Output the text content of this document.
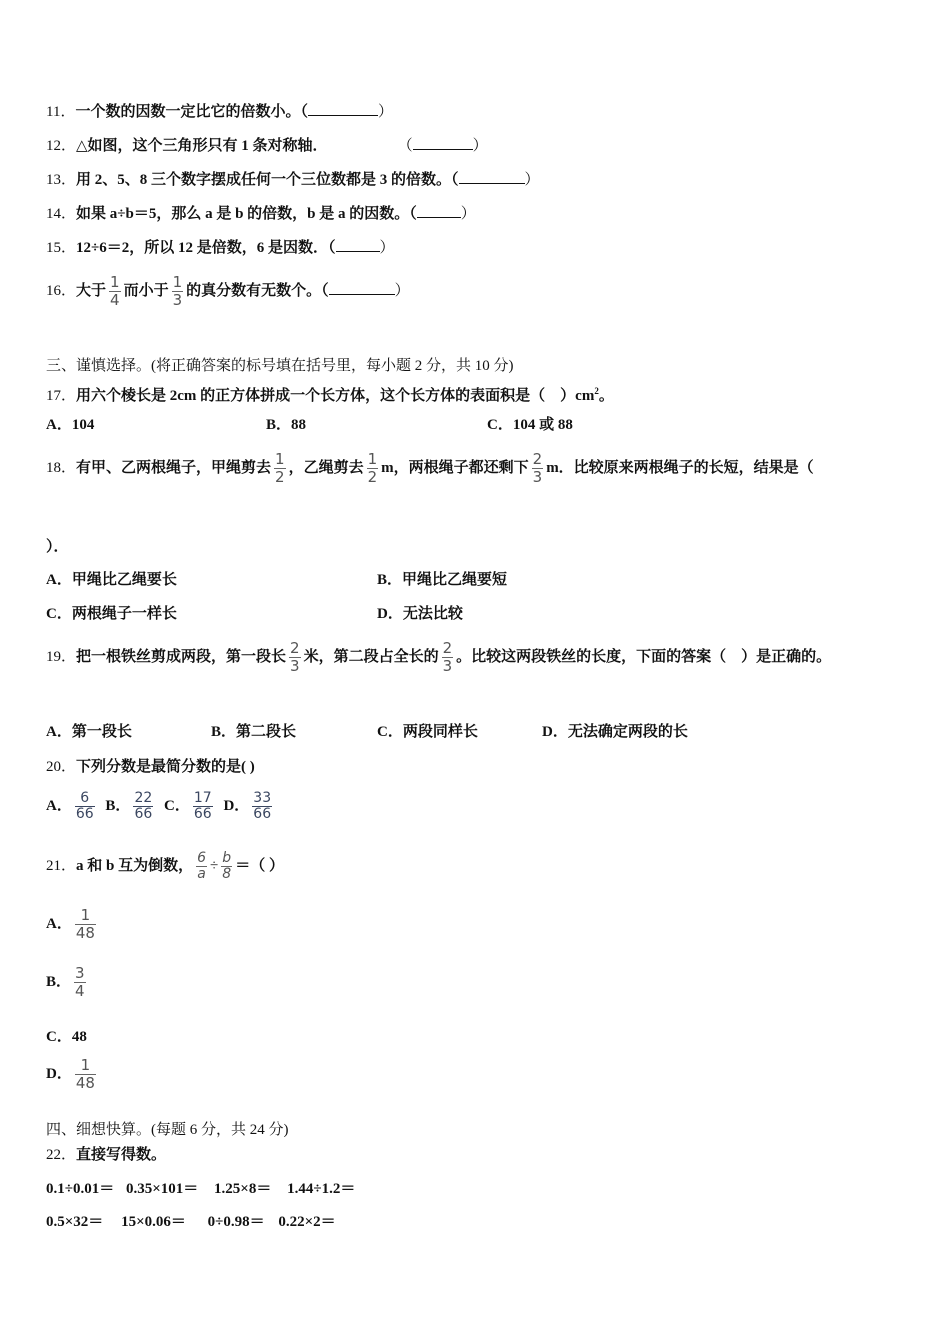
11．一个数的因数一定比它的倍数小。（	）
12．△如图，这个三角形只有 1 条对称轴．	（	）
13．用 2、5、8 三个数字摆成任何一个三位数都是 3 的倍数。（	）
14．如果 a÷b＝5，那么 a 是 b 的倍数，b 是 a 的因数。（	）
15．12÷6＝2，所以 12 是倍数，6 是因数．（	）
16．大于 $\frac{1}{4}$ 而小于 $\frac{1}{3}$ 的真分数有无数个。（	）
三、谨慎选择。(将正确答案的标号填在括号里，每小题 2 分，共 10 分)
17．用六个棱长是 2cm 的正方体拼成一个长方体，这个长方体的表面积是（　）$cm^2$。
A．104	B．88	C．104 或 88
18．有甲、乙两根绳子，甲绳剪去 $\frac{1}{2}$ ，乙绳剪去 $\frac{1}{2}$ m，两根绳子都还剩下 $\frac{2}{3}$ m．比较原来两根绳子的长短，结果是（
）．
A．甲绳比乙绳要长	B．甲绳比乙绳要短
C．两根绳子一样长	D．无法比较
19．把一根铁丝剪成两段，第一段长 $\frac{2}{3}$ 米，第二段占全长的 $\frac{2}{3}$ 。比较这两段铁丝的长度，下面的答案（　）是正确的。
A．第一段长	B．第二段长	C．两段同样长	D．无法确定两段的长
20．下列分数是最简分数的是( )
A． $\frac{6}{66}$ B． $\frac{22}{66}$ C． $\frac{17}{66}$ D． $\frac{33}{66}$
21．a 和 b 互为倒数， $\frac{6}{a} \div \frac{b}{8}$ ＝（ ）
A． $\frac{1}{48}$
B． $\frac{3}{4}$
C．48
D． $\frac{1}{48}$
四、细想快算。(每题 6 分，共 24 分)
22．直接写得数。
0.1÷0.01＝ 0.35×101＝ 1.25×8＝ 1.44÷1.2＝
0.5×32＝ 15×0.06＝ 0÷0.98＝ 0.22×2＝
